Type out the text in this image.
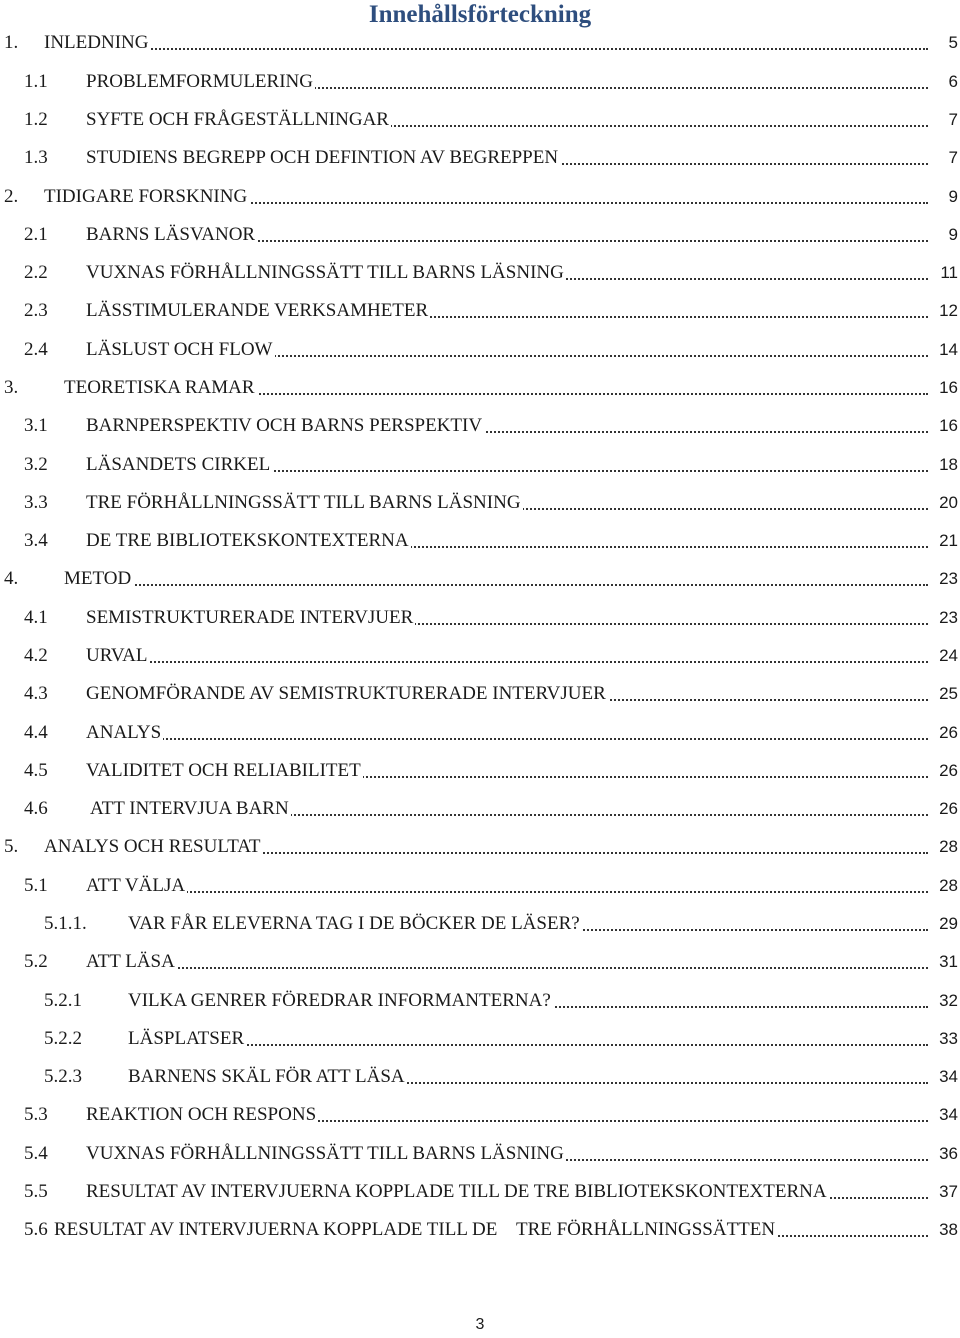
Innehållsförteckning
1. INLEDNING	5
1.1 PROBLEMFORMULERING	6
1.2 SYFTE OCH FRÅGESTÄLLNINGAR	7
1.3 STUDIENS BEGREPP OCH DEFINTION AV BEGREPPEN	7
2. TIDIGARE FORSKNING	9
2.1 BARNS LÄSVANOR	9
2.2 VUXNAS FÖRHÅLLNINGSSÄTT TILL BARNS LÄSNING	11
2.3 LÄSSTIMULERANDE VERKSAMHETER	12
2.4 LÄSLUST OCH FLOW	14
3. TEORETISKA RAMAR	16
3.1 BARNPERSPEKTIV OCH BARNS PERSPEKTIV	16
3.2 LÄSANDETS CIRKEL	18
3.3 TRE FÖRHÅLLNINGSSÄTT TILL BARNS LÄSNING	20
3.4 DE TRE BIBLIOTEKSKONTEXTERNA	21
4. METOD	23
4.1 SEMISTRUKTURERADE INTERVJUER	23
4.2 URVAL	24
4.3 GENOMFÖRANDE AV SEMISTRUKTURERADE INTERVJUER	25
4.4 ANALYS	26
4.5 VALIDITET OCH RELIABILITET	26
4.6 ATT INTERVJUA BARN	26
5. ANALYS OCH RESULTAT	28
5.1 ATT VÄLJA	28
5.1.1. VAR FÅR ELEVERNA TAG I DE BÖCKER DE LÄSER?	29
5.2 ATT LÄSA	31
5.2.1 VILKA GENRER FÖREDRAR INFORMANTERNA?	32
5.2.2 LÄSPLATSER	33
5.2.3 BARNENS SKÄL FÖR ATT LÄSA	34
5.3 REAKTION OCH RESPONS	34
5.4 VUXNAS FÖRHÅLLNINGSSÄTT TILL BARNS LÄSNING	36
5.5 RESULTAT AV INTERVJUERNA KOPPLADE TILL DE TRE BIBLIOTEKSKONTEXTERNA	37
5.6 RESULTAT AV INTERVJUERNA KOPPLADE TILL DE    TRE FÖRHÅLLNINGSSÄTTEN	38
3
